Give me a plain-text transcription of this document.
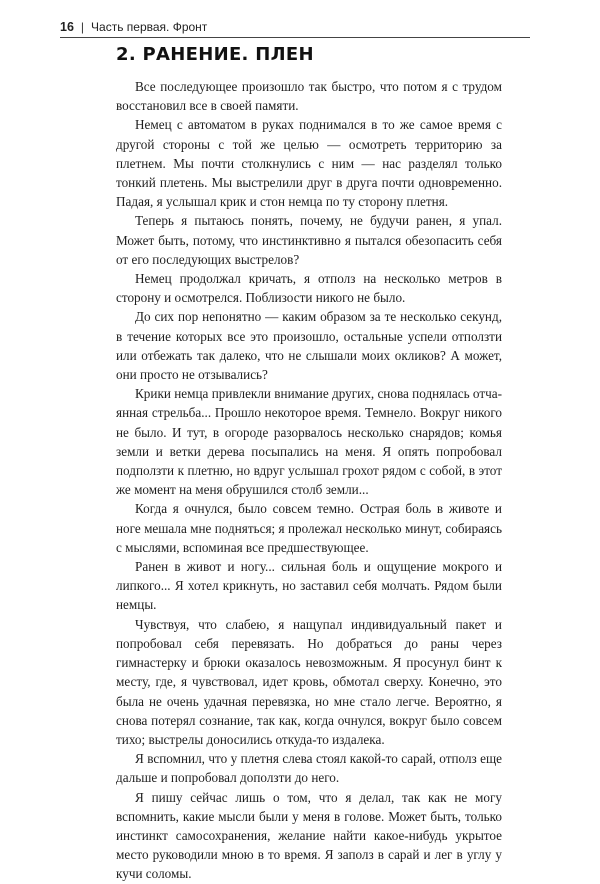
16 | Часть первая. Фронт
2. РАНЕНИЕ. ПЛЕН

Все последующее произошло так быстро, что потом я с трудом восстановил все в своей памяти.

Немец с автоматом в руках поднимался в то же самое время с другой стороны с той же целью — осмотреть территорию за плетнем. Мы почти столкнулись с ним — нас разделял только тонкий плетень. Мы выстрелили друг в друга почти одновременно. Падая, я услышал крик и стон немца по ту сторону плетня.

Теперь я пытаюсь понять, почему, не будучи ранен, я упал. Может быть, потому, что инстинктивно я пытался обезопасить себя от его последующих выстрелов?

Немец продолжал кричать, я отполз на несколько метров в сторону и осмотрелся. Поблизости никого не было.

До сих пор непонятно — каким образом за те несколько секунд, в течение которых все это произошло, остальные успели отползти или отбежать так далеко, что не слышали моих окликов? А может, они просто не отзывались?

Крики немца привлекли внимание других, снова поднялась отчаянная стрельба... Прошло некоторое время. Темнело. Вокруг никого не было. И тут, в огороде разорвалось несколько снарядов; комья земли и ветки дерева посыпались на меня. Я опять попробовал подползти к плетню, но вдруг услышал грохот рядом с собой, в этот же момент на меня обрушился столб земли...

Когда я очнулся, было совсем темно. Острая боль в животе и ноге мешала мне подняться; я пролежал несколько минут, собираясь с мыслями, вспоминая все предшествующее.

Ранен в живот и ногу... сильная боль и ощущение мокрого и липкого... Я хотел крикнуть, но заставил себя молчать. Рядом были немцы.

Чувствуя, что слабею, я нащупал индивидуальный пакет и попробовал себя перевязать. Но добраться до раны через гимнастерку и брюки оказалось невозможным. Я просунул бинт к месту, где, я чувствовал, идет кровь, обмотал сверху. Конечно, это была не очень удачная перевязка, но мне стало легче. Вероятно, я снова потерял сознание, так как, когда очнулся, вокруг было совсем тихо; выстрелы доносились откуда-то издалека.

Я вспомнил, что у плетня слева стоял какой-то сарай, отполз еще дальше и попробовал доползти до него.

Я пишу сейчас лишь о том, что я делал, так как не могу вспомнить, какие мысли были у меня в голове. Может быть, только инстинкт самосохранения, желание найти какое-нибудь укрытое место руководили мною в то время. Я заполз в сарай и лег в углу у кучи соломы.
